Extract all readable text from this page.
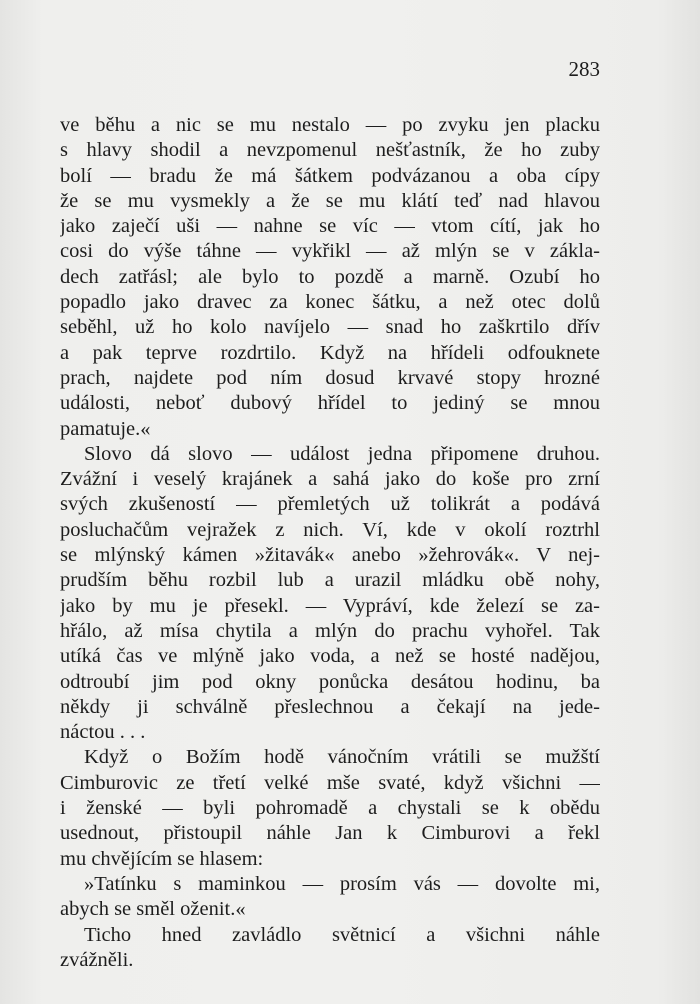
283
ve běhu a nic se mu nestalo — po zvyku jen placku
s hlavy shodil a nevzpomenul nešťastník, že ho zuby
bolí — bradu že má šátkem podvázanou a oba cípy
že se mu vysmekly a že se mu klátí teď nad hlavou
jako zaječí uši — nahne se víc — vtom cítí, jak ho
cosi do výše táhne — vykřikl — až mlýn se v zákla-
dech zatřásl; ale bylo to pozdě a marně. Ozubí ho
popadlo jako dravec za konec šátku, a než otec dolů
seběhl, už ho kolo navíjelo — snad ho zaškrtilo dřív
a pak teprve rozdrtilo. Když na hřídeli odfouknete
prach, najdete pod ním dosud krvavé stopy hrozné
události, neboť dubový hřídel to jediný se mnou
pamatuje.«
Slovo dá slovo — událost jedna připomene druhou.
Zvážní i veselý krajánek a sahá jako do koše pro zrní
svých zkušeností — přemletých už tolikrát a podává
posluchačům vejražek z nich. Ví, kde v okolí roztrhl
se mlýnský kámen »žitavák« anebo »žehrovák«. V nej-
prudším běhu rozbil lub a urazil mládku obě nohy,
jako by mu je přesekl. — Vypráví, kde železí se za-
hřálo, až mísa chytila a mlýn do prachu vyhořel. Tak
utíká čas ve mlýně jako voda, a než se hosté nadějou,
odtroubí jim pod okny ponůcka desátou hodinu, ba
někdy ji schválně přeslechnou a čekají na jede-
náctou . . .
Když o Božím hodě vánočním vrátili se mužští
Cimburovic ze třetí velké mše svaté, když všichni —
i ženské — byli pohromadě a chystali se k obědu
usednout, přistoupil náhle Jan k Cimburovi a řekl
mu chvějícím se hlasem:
»Tatínku s maminkou — prosím vás — dovolte mi,
abych se směl oženit.«
Ticho hned zavládlo světnicí a všichni náhle
zvážněli.
